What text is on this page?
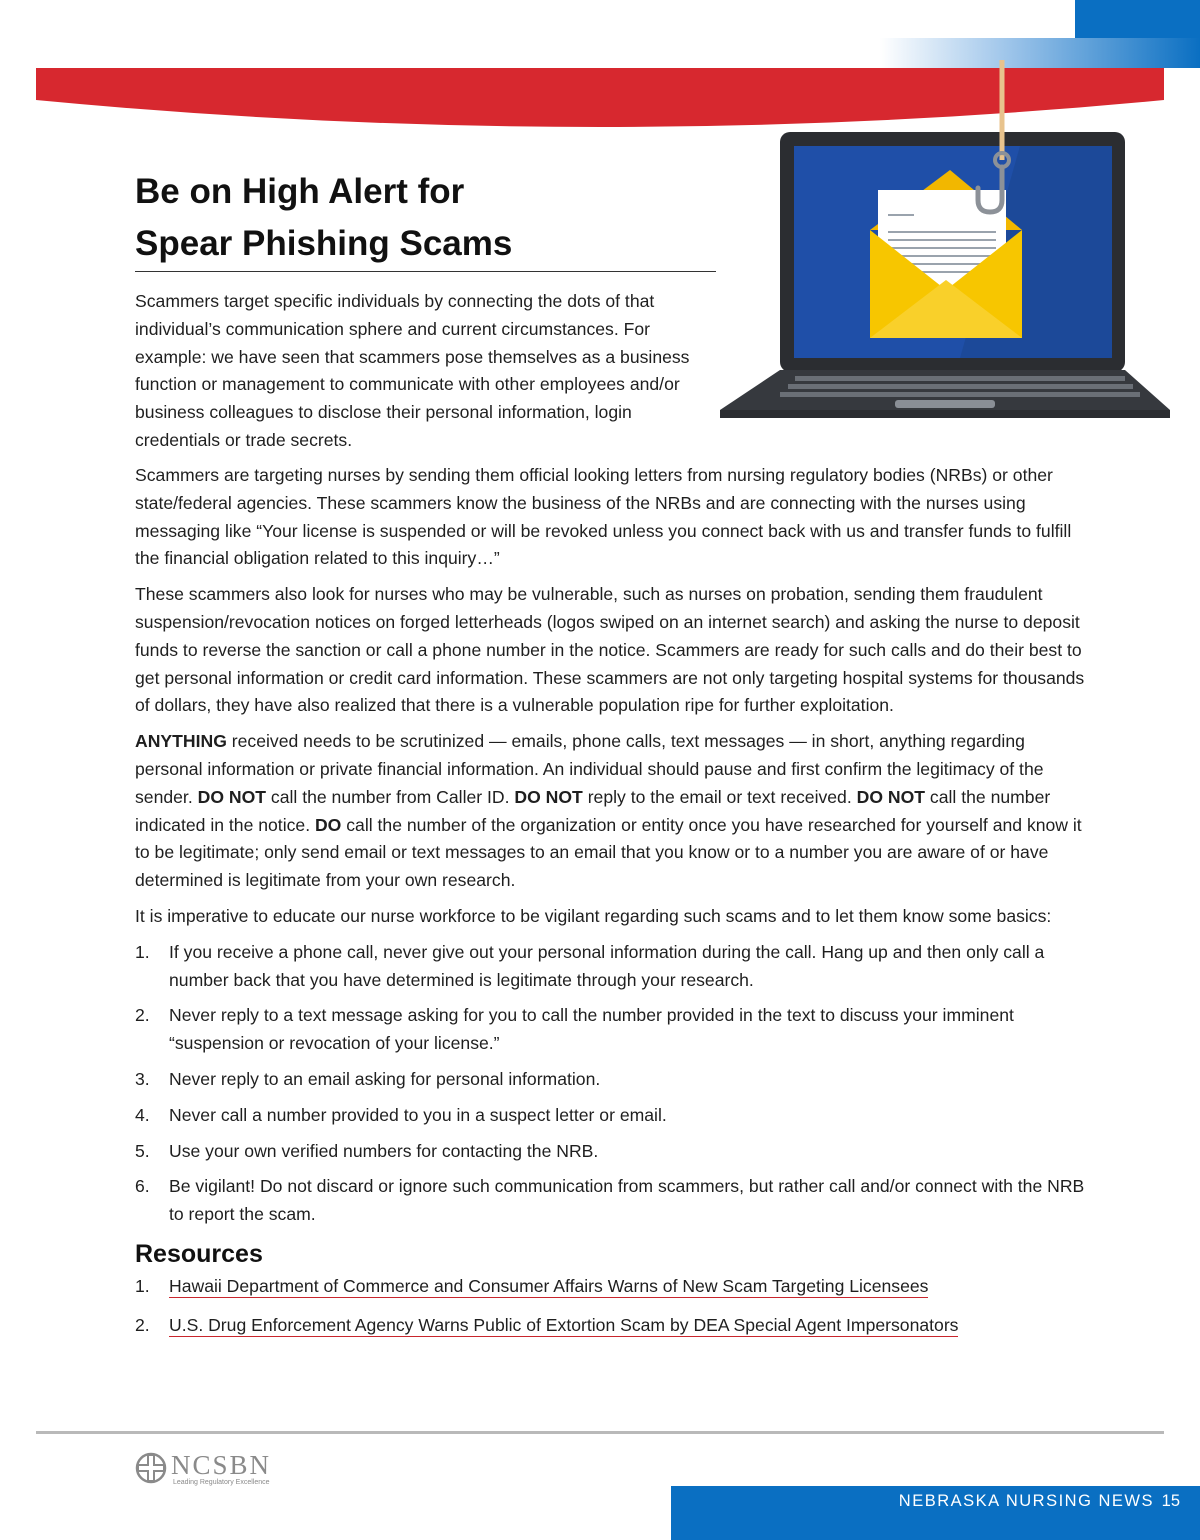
Be on High Alert for
Spear Phishing Scams

Scammers target specific individuals by connecting the dots of that individual’s communication sphere and current circumstances. For example: we have seen that scammers pose themselves as a business function or management to communicate with other employees and/or business colleagues to disclose their personal information, login credentials or trade secrets.

Scammers are targeting nurses by sending them official looking letters from nursing regulatory bodies (NRBs) or other state/federal agencies. These scammers know the business of the NRBs and are connecting with the nurses using messaging like “Your license is suspended or will be revoked unless you connect back with us and transfer funds to fulfill the financial obligation related to this inquiry…”

These scammers also look for nurses who may be vulnerable, such as nurses on probation, sending them fraudulent suspension/revocation notices on forged letterheads (logos swiped on an internet search) and asking the nurse to deposit funds to reverse the sanction or call a phone number in the notice. Scammers are ready for such calls and do their best to get personal information or credit card information. These scammers are not only targeting hospital systems for thousands of dollars, they have also realized that there is a vulnerable population ripe for further exploitation.

ANYTHING received needs to be scrutinized — emails, phone calls, text messages — in short, anything regarding personal information or private financial information. An individual should pause and first confirm the legitimacy of the sender. DO NOT call the number from Caller ID. DO NOT reply to the email or text received. DO NOT call the number indicated in the notice. DO call the number of the organization or entity once you have researched for yourself and know it to be legitimate; only send email or text messages to an email that you know or to a number you are aware of or have determined is legitimate from your own research.

It is imperative to educate our nurse workforce to be vigilant regarding such scams and to let them know some basics:

1. If you receive a phone call, never give out your personal information during the call. Hang up and then only call a number back that you have determined is legitimate through your research.
2. Never reply to a text message asking for you to call the number provided in the text to discuss your imminent “suspension or revocation of your license.”
3. Never reply to an email asking for personal information.
4. Never call a number provided to you in a suspect letter or email.
5. Use your own verified numbers for contacting the NRB.
6. Be vigilant! Do not discard or ignore such communication from scammers, but rather call and/or connect with the NRB to report the scam.
Resources
1. Hawaii Department of Commerce and Consumer Affairs Warns of New Scam Targeting Licensees
2. U.S. Drug Enforcement Agency Warns Public of Extortion Scam by DEA Special Agent Impersonators
NCSBN
Leading Regulatory Excellence
NEBRASKA NURSING NEWS 15
